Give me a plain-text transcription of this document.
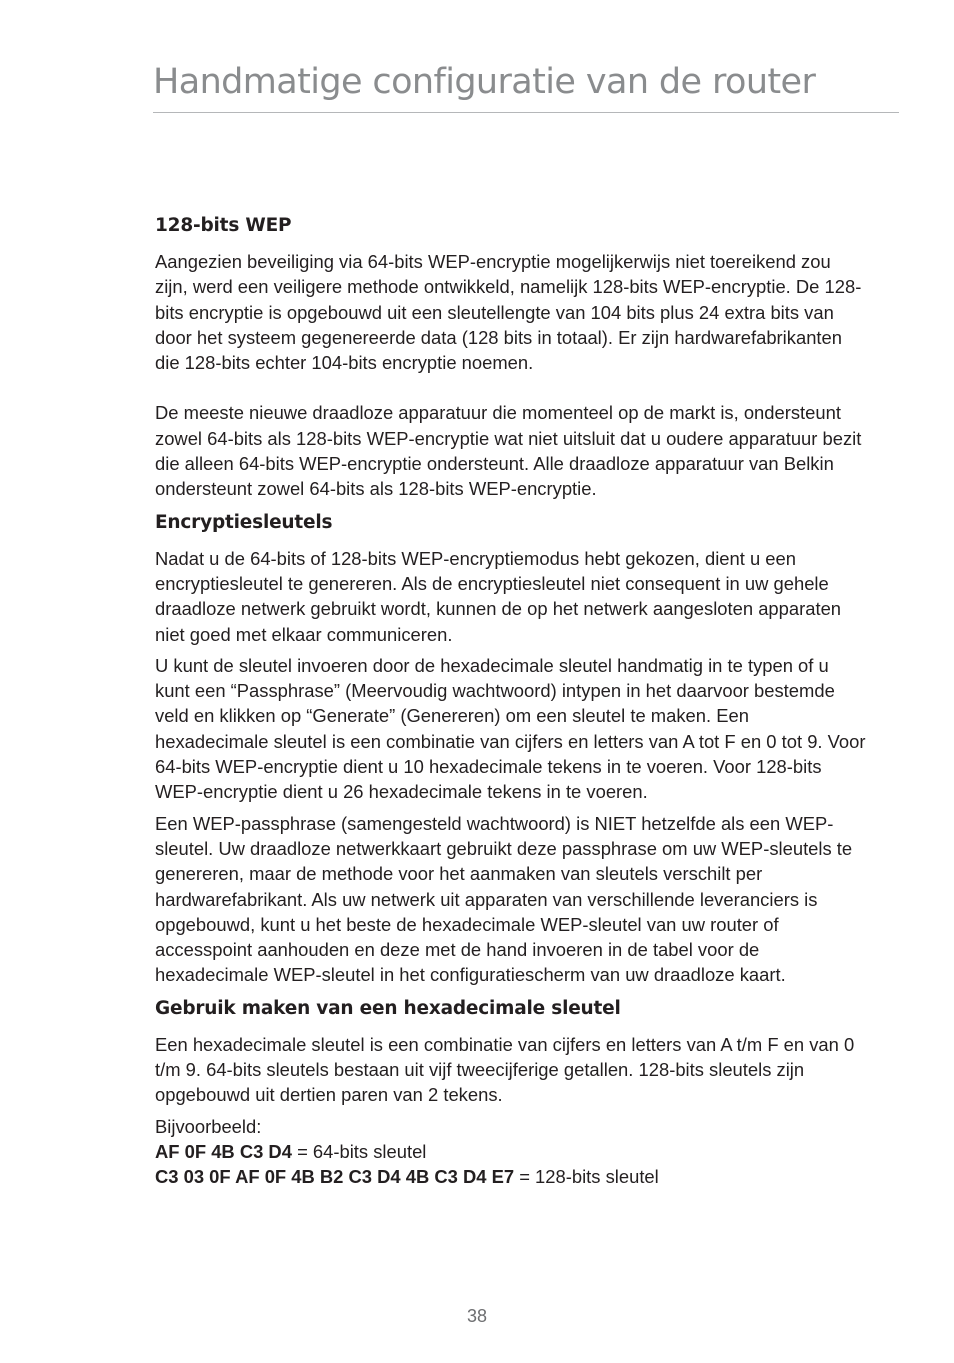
Handmatige configuratie van de router
128-bits WEP

Aangezien beveiliging via 64-bits WEP-encryptie mogelijkerwijs niet toereikend zou zijn, werd een veiligere methode ontwikkeld, namelijk 128-bits WEP-encryptie. De 128-bits encryptie is opgebouwd uit een sleutellengte van 104 bits plus 24 extra bits van door het systeem gegenereerde data (128 bits in totaal). Er zijn hardwarefabrikanten die 128-bits echter 104-bits encryptie noemen.

De meeste nieuwe draadloze apparatuur die momenteel op de markt is, ondersteunt zowel 64-bits als 128-bits WEP-encryptie wat niet uitsluit dat u oudere apparatuur bezit die alleen 64-bits WEP-encryptie ondersteunt. Alle draadloze apparatuur van Belkin ondersteunt zowel 64-bits als 128-bits WEP-encryptie.

Encryptiesleutels

Nadat u de 64-bits of 128-bits WEP-encryptiemodus hebt gekozen, dient u een encryptiesleutel te genereren. Als de encryptiesleutel niet consequent in uw gehele draadloze netwerk gebruikt wordt, kunnen de op het netwerk aangesloten apparaten niet goed met elkaar communiceren.

U kunt de sleutel invoeren door de hexadecimale sleutel handmatig in te typen of u kunt een “Passphrase” (Meervoudig wachtwoord) intypen in het daarvoor bestemde veld en klikken op “Generate” (Genereren) om een sleutel te maken. Een hexadecimale sleutel is een combinatie van cijfers en letters van A tot F en 0 tot 9. Voor 64-bits WEP-encryptie dient u 10 hexadecimale tekens in te voeren. Voor 128-bits WEP-encryptie dient u 26 hexadecimale tekens in te voeren.

Een WEP-passphrase (samengesteld wachtwoord) is NIET hetzelfde als een WEP-sleutel. Uw draadloze netwerkkaart gebruikt deze passphrase om uw WEP-sleutels te genereren, maar de methode voor het aanmaken van sleutels verschilt per hardwarefabrikant. Als uw netwerk uit apparaten van verschillende leveranciers is opgebouwd, kunt u het beste de hexadecimale WEP-sleutel van uw router of accesspoint aanhouden en deze met de hand invoeren in de tabel voor de hexadecimale WEP-sleutel in het configuratiescherm van uw draadloze kaart.

Gebruik maken van een hexadecimale sleutel

Een hexadecimale sleutel is een combinatie van cijfers en letters van A t/m F en van 0 t/m 9. 64-bits sleutels bestaan uit vijf tweecijferige getallen. 128-bits sleutels zijn opgebouwd uit dertien paren van 2 tekens.

Bijvoorbeeld:
AF 0F 4B C3 D4 = 64-bits sleutel
C3 03 0F AF 0F 4B B2 C3 D4 4B C3 D4 E7 = 128-bits sleutel
38
